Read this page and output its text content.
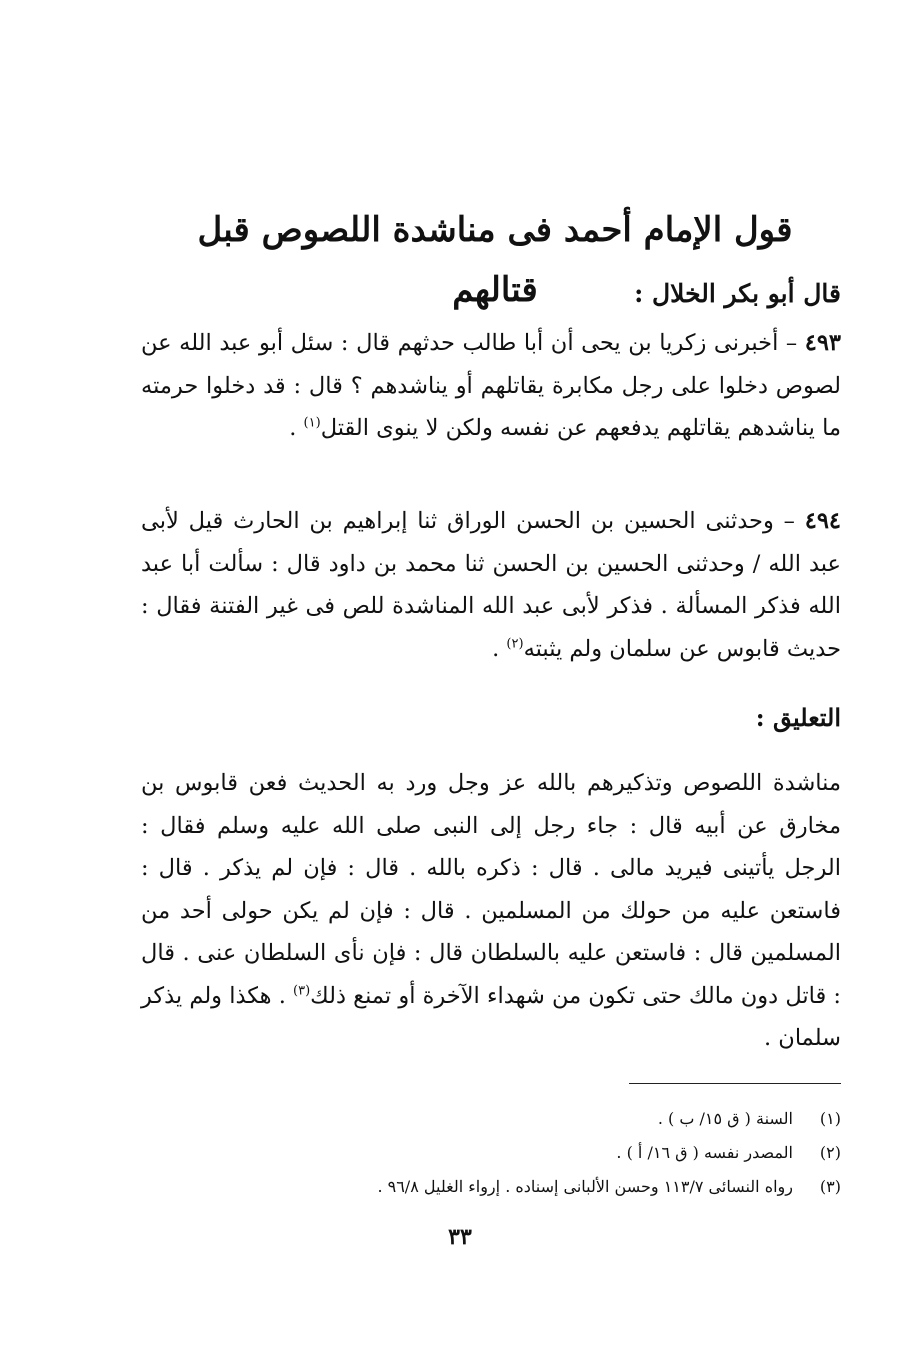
قول الإمام أحمد فى مناشدة اللصوص قبل قتالهم	قال أبو بكر الخلال :

٤٩٣ – أخبرنى زكريا بن يحى أن أبا طالب حدثهم قال : سئل أبو عبد الله عن لصوص دخلوا على رجل مكابرة يقاتلهم أو يناشدهم ؟ قال : قد دخلوا حرمته ما يناشدهم يقاتلهم يدفعهم عن نفسه ولكن لا ينوى القتل$^{(١)}$ .

٤٩٤ – وحدثنى الحسين بن الحسن الوراق ثنا إبراهيم بن الحارث قيل لأبى عبد الله / وحدثنى الحسين بن الحسن ثنا محمد بن داود قال : سألت أبا عبد الله فذكر المسألة . فذكر لأبى عبد الله المناشدة للص فى غير الفتنة فقال : حديث قابوس عن سلمان ولم يثبته$^{(٢)}$ .

التعليق :

مناشدة اللصوص وتذكيرهم بالله عز وجل ورد به الحديث فعن قابوس بن مخارق عن أبيه قال : جاء رجل إلى النبى صلى الله عليه وسلم فقال : الرجل يأتينى فيريد مالى . قال : ذكره بالله . قال : فإن لم يذكر . قال : فاستعن عليه من حولك من المسلمين . قال : فإن لم يكن حولى أحد من المسلمين قال : فاستعن عليه بالسلطان قال : فإن نأى السلطان عنى . قال : قاتل دون مالك حتى تكون من شهداء الآخرة أو تمنع ذلك$^{(٣)}$ . هكذا ولم يذكر سلمان .

(١)السنة ( ق ١٥/ ب ) .
(٢)المصدر نفسه ( ق ١٦/ أ ) .
(٣)رواه النسائى ١١٣/٧ وحسن الألبانى إسناده . إرواء الغليل ٩٦/٨ .
٣٣
